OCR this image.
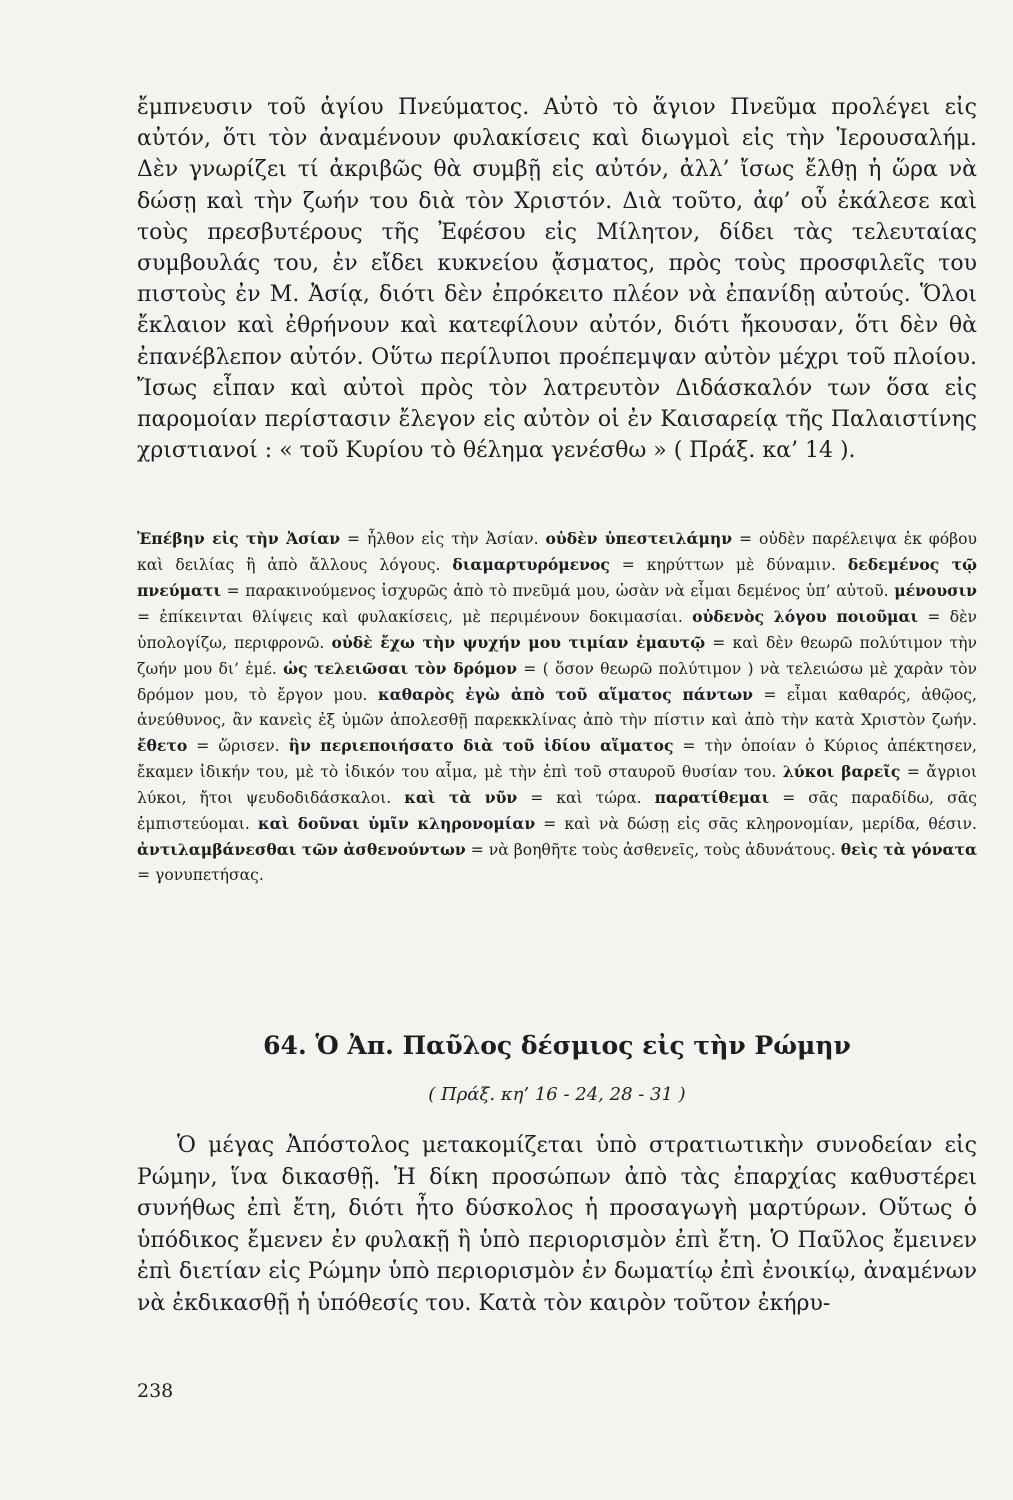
ἔμπνευσιν τοῦ ἁγίου Πνεύματος. Αὐτὸ τὸ ἅγιον Πνεῦμα προλέγει εἰς αὐτόν, ὅτι τὸν ἀναμένουν φυλακίσεις καὶ διωγμοὶ εἰς τὴν Ἱερουσαλήμ. Δὲν γνωρίζει τί ἀκριβῶς θὰ συμβῇ εἰς αὐτόν, ἀλλ’ ἴσως ἔλθῃ ἡ ὥρα νὰ δώσῃ καὶ τὴν ζωήν του διὰ τὸν Χριστόν. Διὰ τοῦτο, ἀφ’ οὗ ἐκάλεσε καὶ τοὺς πρεσβυτέρους τῆς Ἐφέσου εἰς Μίλητον, δίδει τὰς τελευταίας συμβουλάς του, ἐν εἴδει κυκνείου ᾄσματος, πρὸς τοὺς προσφιλεῖς του πιστοὺς ἐν Μ. Ἀσίᾳ, διότι δὲν ἐπρόκειτο πλέον νὰ ἐπανίδῃ αὐτούς. Ὅλοι ἔκλαιον καὶ ἐθρήνουν καὶ κατεφίλουν αὐτόν, διότι ἤκουσαν, ὅτι δὲν θὰ ἐπανέβλεπον αὐτόν. Οὕτω περίλυποι προέπεμψαν αὐτὸν μέχρι τοῦ πλοίου. Ἴσως εἶπαν καὶ αὐτοὶ πρὸς τὸν λατρευτὸν Διδάσκαλόν των ὅσα εἰς παρομοίαν περίστασιν ἔλεγον εἰς αὐτὸν οἱ ἐν Καισαρείᾳ τῆς Παλαιστίνης χριστιανοί : « τοῦ Κυρίου τὸ θέλημα γενέσθω » ( Πράξ. κα’ 14 ).
Ἐπέβην εἰς τὴν Ἀσίαν = ἦλθον εἰς τὴν Ἀσίαν. οὐδὲν ὑπεστειλάμην = οὐδὲν παρέλειψα ἐκ φόβου καὶ δειλίας ἢ ἀπὸ ἄλλους λόγους. διαμαρτυρόμενος = κηρύττων μὲ δύναμιν. δεδεμένος τῷ πνεύματι = παρακινούμενος ἰσχυρῶς ἀπὸ τὸ πνεῦμά μου, ὡσὰν νὰ εἶμαι δεμένος ὑπ’ αὐτοῦ. μένουσιν = ἐπίκεινται θλίψεις καὶ φυλακίσεις, μὲ περιμένουν δοκιμασίαι. οὐδενὸς λόγου ποιοῦμαι = δὲν ὑπολογίζω, περιφρονῶ. οὐδὲ ἔχω τὴν ψυχήν μου τιμίαν ἐμαυτῷ = καὶ δὲν θεωρῶ πολύτιμον τὴν ζωήν μου δι’ ἐμέ. ὡς τελειῶσαι τὸν δρόμον = ( ὅσον θεωρῶ πολύτιμον ) νὰ τελειώσω μὲ χαρὰν τὸν δρόμον μου, τὸ ἔργον μου. καθαρὸς ἐγὼ ἀπὸ τοῦ αἵματος πάντων = εἶμαι καθαρός, ἀθῷος, ἀνεύθυνος, ἂν κανεὶς ἐξ ὑμῶν ἀπολεσθῇ παρεκκλίνας ἀπὸ τὴν πίστιν καὶ ἀπὸ τὴν κατὰ Χριστὸν ζωήν. ἔθετο = ὥρισεν. ἣν περιεποιήσατο διὰ τοῦ ἰδίου αἵματος = τὴν ὁποίαν ὁ Κύριος ἀπέκτησεν, ἔκαμεν ἰδικήν του, μὲ τὸ ἰδικόν του αἷμα, μὲ τὴν ἐπὶ τοῦ σταυροῦ θυσίαν του. λύκοι βαρεῖς = ἄγριοι λύκοι, ἤτοι ψευδοδιδάσκαλοι. καὶ τὰ νῦν = καὶ τώρα. παρατίθεμαι = σᾶς παραδίδω, σᾶς ἐμπιστεύομαι. καὶ δοῦναι ὑμῖν κληρονομίαν = καὶ νὰ δώσῃ εἰς σᾶς κληρονομίαν, μερίδα, θέσιν. ἀντιλαμβάνεσθαι τῶν ἀσθενούντων = νὰ βοηθῆτε τοὺς ἀσθενεῖς, τοὺς ἀδυνάτους. θεὶς τὰ γόνατα = γονυπετήσας.
64. Ὁ Ἀπ. Παῦλος δέσμιος εἰς τὴν Ρώμην
( Πράξ. κη’ 16 - 24, 28 - 31 )
Ὁ μέγας Ἀπόστολος μετακομίζεται ὑπὸ στρατιωτικὴν συνοδείαν εἰς Ρώμην, ἵνα δικασθῇ. Ἡ δίκη προσώπων ἀπὸ τὰς ἐπαρχίας καθυστέρει συνήθως ἐπὶ ἔτη, διότι ἦτο δύσκολος ἡ προσαγωγὴ μαρτύρων. Οὕτως ὁ ὑπόδικος ἔμενεν ἐν φυλακῇ ἢ ὑπὸ περιορισμὸν ἐπὶ ἔτη. Ὁ Παῦλος ἔμεινεν ἐπὶ διετίαν εἰς Ρώμην ὑπὸ περιορισμὸν ἐν δωματίῳ ἐπὶ ἐνοικίῳ, ἀναμένων νὰ ἐκδικασθῇ ἡ ὑπόθεσίς του. Κατὰ τὸν καιρὸν τοῦτον ἐκήρυ-
238
